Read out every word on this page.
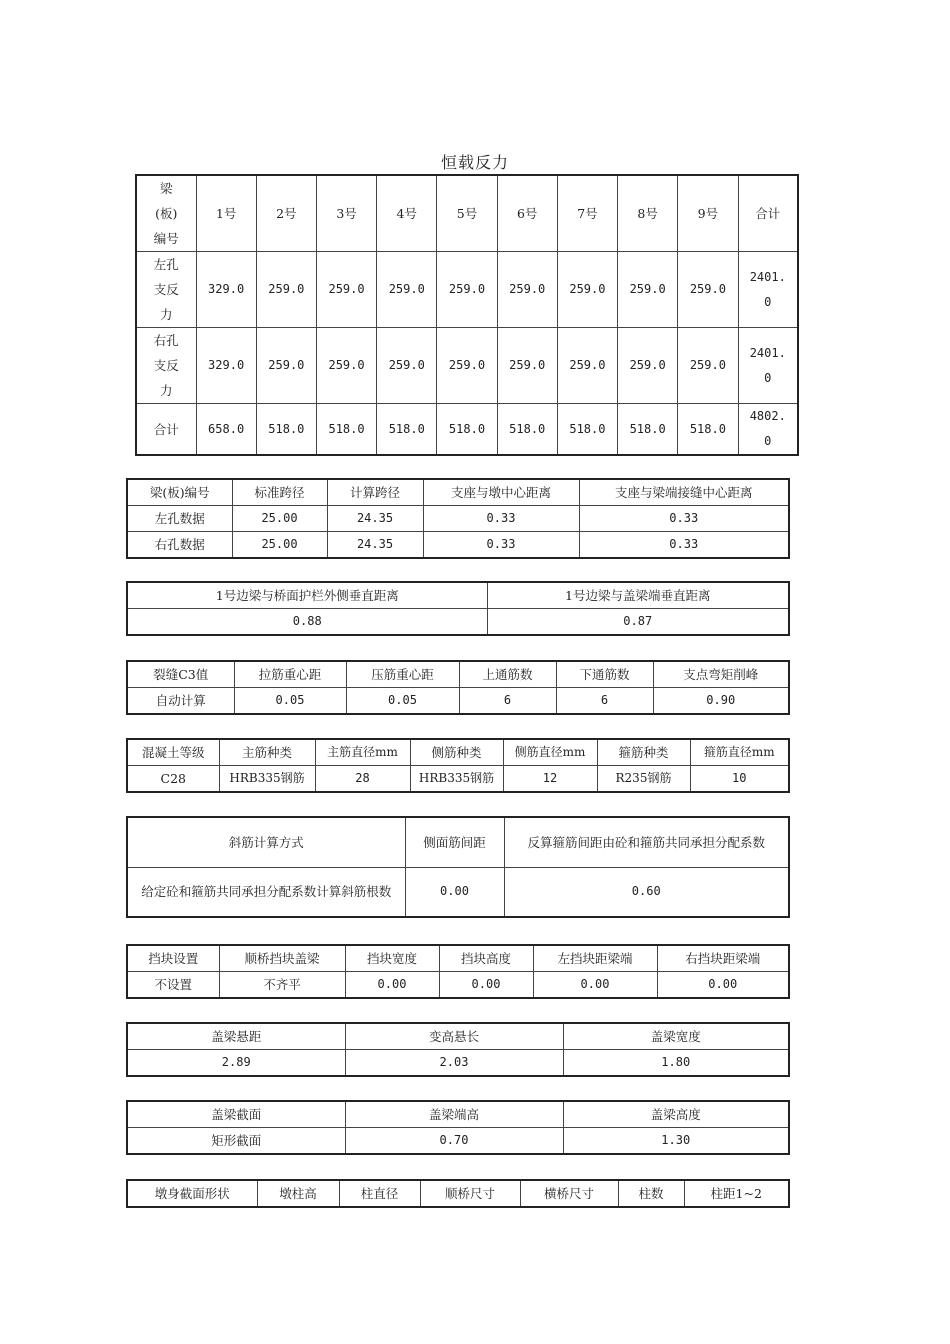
恒载反力
梁(板)编号	1号	2号	3号	4号	5号	6号	7号	8号	9号	合计
左孔支反力	329.0	259.0	259.0	259.0	259.0	259.0	259.0	259.0	259.0	2401.0
右孔支反力	329.0	259.0	259.0	259.0	259.0	259.0	259.0	259.0	259.0	2401.0
合计	658.0	518.0	518.0	518.0	518.0	518.0	518.0	518.0	518.0	4802.0
梁(板)编号	标准跨径	计算跨径	支座与墩中心距离	支座与梁端接缝中心距离
左孔数据	25.00	24.35	0.33	0.33
右孔数据	25.00	24.35	0.33	0.33
1号边梁与桥面护栏外侧垂直距离	1号边梁与盖梁端垂直距离
0.88	0.87
裂缝C3值	拉筋重心距	压筋重心距	上通筋数	下通筋数	支点弯矩削峰
自动计算	0.05	0.05	6	6	0.90
混凝土等级	主筋种类	主筋直径mm	侧筋种类	侧筋直径mm	箍筋种类	箍筋直径mm
C28	HRB335钢筋	28	HRB335钢筋	12	R235钢筋	10
斜筋计算方式	侧面筋间距	反算箍筋间距由砼和箍筋共同承担分配系数
给定砼和箍筋共同承担分配系数计算斜筋根数	0.00	0.60
挡块设置	顺桥挡块盖梁	挡块宽度	挡块高度	左挡块距梁端	右挡块距梁端
不设置	不齐平	0.00	0.00	0.00	0.00
盖梁悬距	变高悬长	盖梁宽度
2.89	2.03	1.80
盖梁截面	盖梁端高	盖梁高度
矩形截面	0.70	1.30
墩身截面形状	墩柱高	柱直径	顺桥尺寸	横桥尺寸	柱数	柱距1~2
